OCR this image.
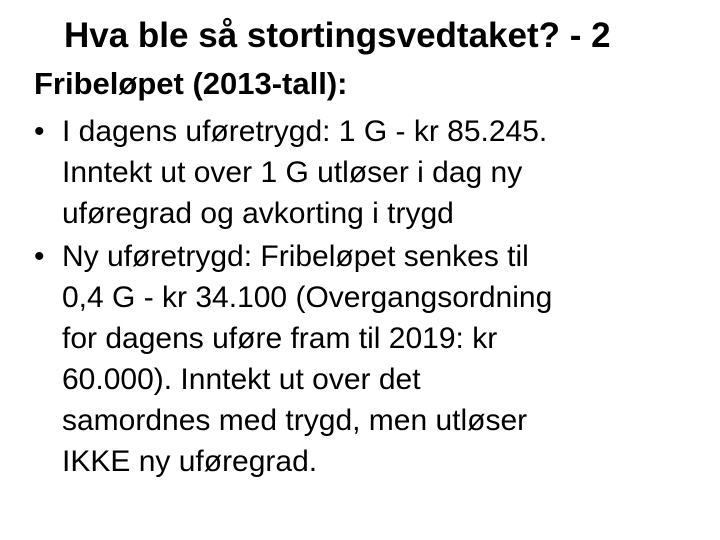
Hva ble så stortingsvedtaket? - 2
Fribeløpet (2013-tall):
• I dagens uføretrygd: 1 G - kr 85.245.
Inntekt ut over 1 G utløser i dag ny
uføregrad og avkorting i trygd
• Ny uføretrygd: Fribeløpet senkes til
0,4 G - kr 34.100 (Overgangsordning
for dagens uføre fram til 2019: kr
60.000). Inntekt ut over det
samordnes med trygd, men utløser
IKKE ny uføregrad.
